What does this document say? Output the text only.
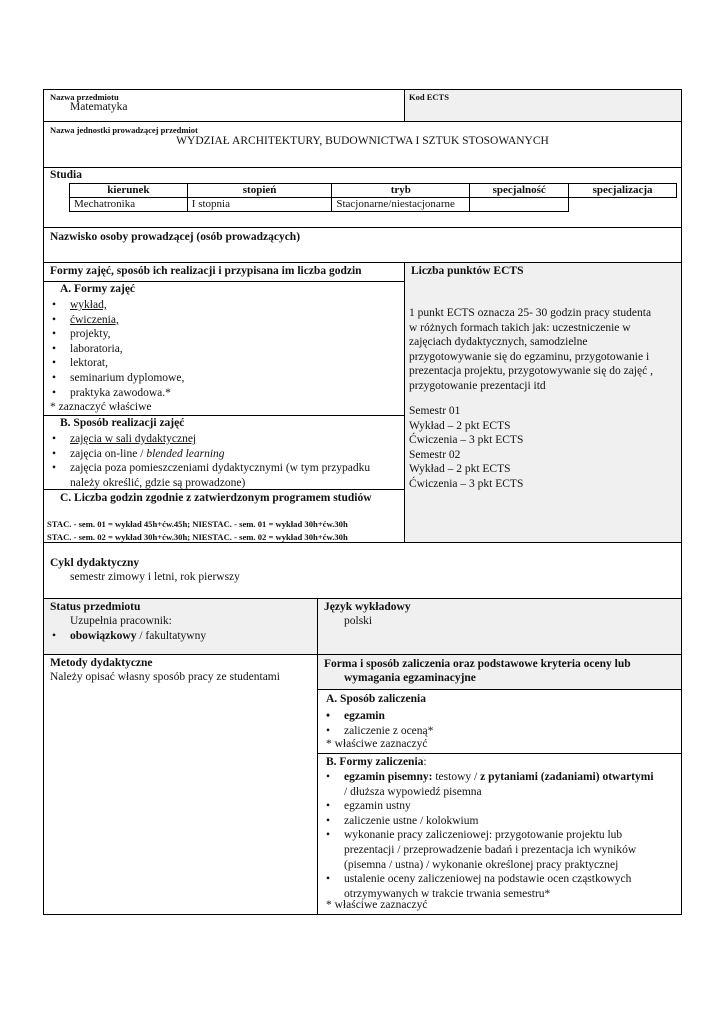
Nazwa przedmiotu
Matematyka
Kod ECTS
Nazwa jednostki prowadzącej przedmiot
WYDZIAŁ ARCHITEKTURY, BUDOWNICTWA I SZTUK STOSOWANYCH
Studia
kierunek	stopień	tryb	specjalność	specjalizacja
Mechatronika	I stopnia	Stacjonarne/niestacjonarne		
Nazwisko osoby prowadzącej (osób prowadzących)
Formy zajęć, sposób ich realizacji i przypisana im liczba godzin
A. Formy zajęć
• wykład,
• ćwiczenia,
• projekty,
• laboratoria,
• lektorat,
• seminarium dyplomowe,
• praktyka zawodowa.*
* zaznaczyć właściwe
B. Sposób realizacji zajęć
• zajęcia w sali dydaktycznej
• zajęcia on-line / blended learning
• zajęcia poza pomieszczeniami dydaktycznymi (w tym przypadku
należy określić, gdzie są prowadzone)
C. Liczba godzin zgodnie z zatwierdzonym programem studiów
STAC. - sem. 01 = wykład 45h+ćw.45h; NIESTAC. - sem. 01 = wykład 30h+ćw.30h
STAC. - sem. 02 = wykład 30h+ćw.30h; NIESTAC. - sem. 02 = wykład 30h+ćw.30h
Liczba punktów ECTS
1 punkt ECTS oznacza 25- 30 godzin pracy studenta
w różnych formach takich jak: uczestniczenie w
zajęciach dydaktycznych, samodzielne
przygotowywanie się do egzaminu, przygotowanie i
prezentacja projektu, przygotowywanie się do zajęć ,
przygotowanie prezentacji itd
Semestr 01
Wykład – 2 pkt ECTS
Ćwiczenia – 3 pkt ECTS
Semestr 02
Wykład – 2 pkt ECTS
Ćwiczenia – 3 pkt ECTS
Cykl dydaktyczny
semestr zimowy i letni, rok pierwszy
Status przedmiotu
Uzupełnia pracownik:
• obowiązkowy / fakultatywny
Język wykładowy
polski
Metody dydaktyczne
Należy opisać własny sposób pracy ze studentami
Forma i sposób zaliczenia oraz podstawowe kryteria oceny lub
wymagania egzaminacyjne
A. Sposób zaliczenia
• egzamin
• zaliczenie z oceną*
* właściwe zaznaczyć
B. Formy zaliczenia:
• egzamin pisemny: testowy / z pytaniami (zadaniami) otwartymi
/ dłuższa wypowiedź pisemna
• egzamin ustny
• zaliczenie ustne / kolokwium
• wykonanie pracy zaliczeniowej: przygotowanie projektu lub
prezentacji / przeprowadzenie badań i prezentacja ich wyników
(pisemna / ustna) / wykonanie określonej pracy praktycznej
• ustalenie oceny zaliczeniowej na podstawie ocen cząstkowych
otrzymywanych w trakcie trwania semestru*
* właściwe zaznaczyć
